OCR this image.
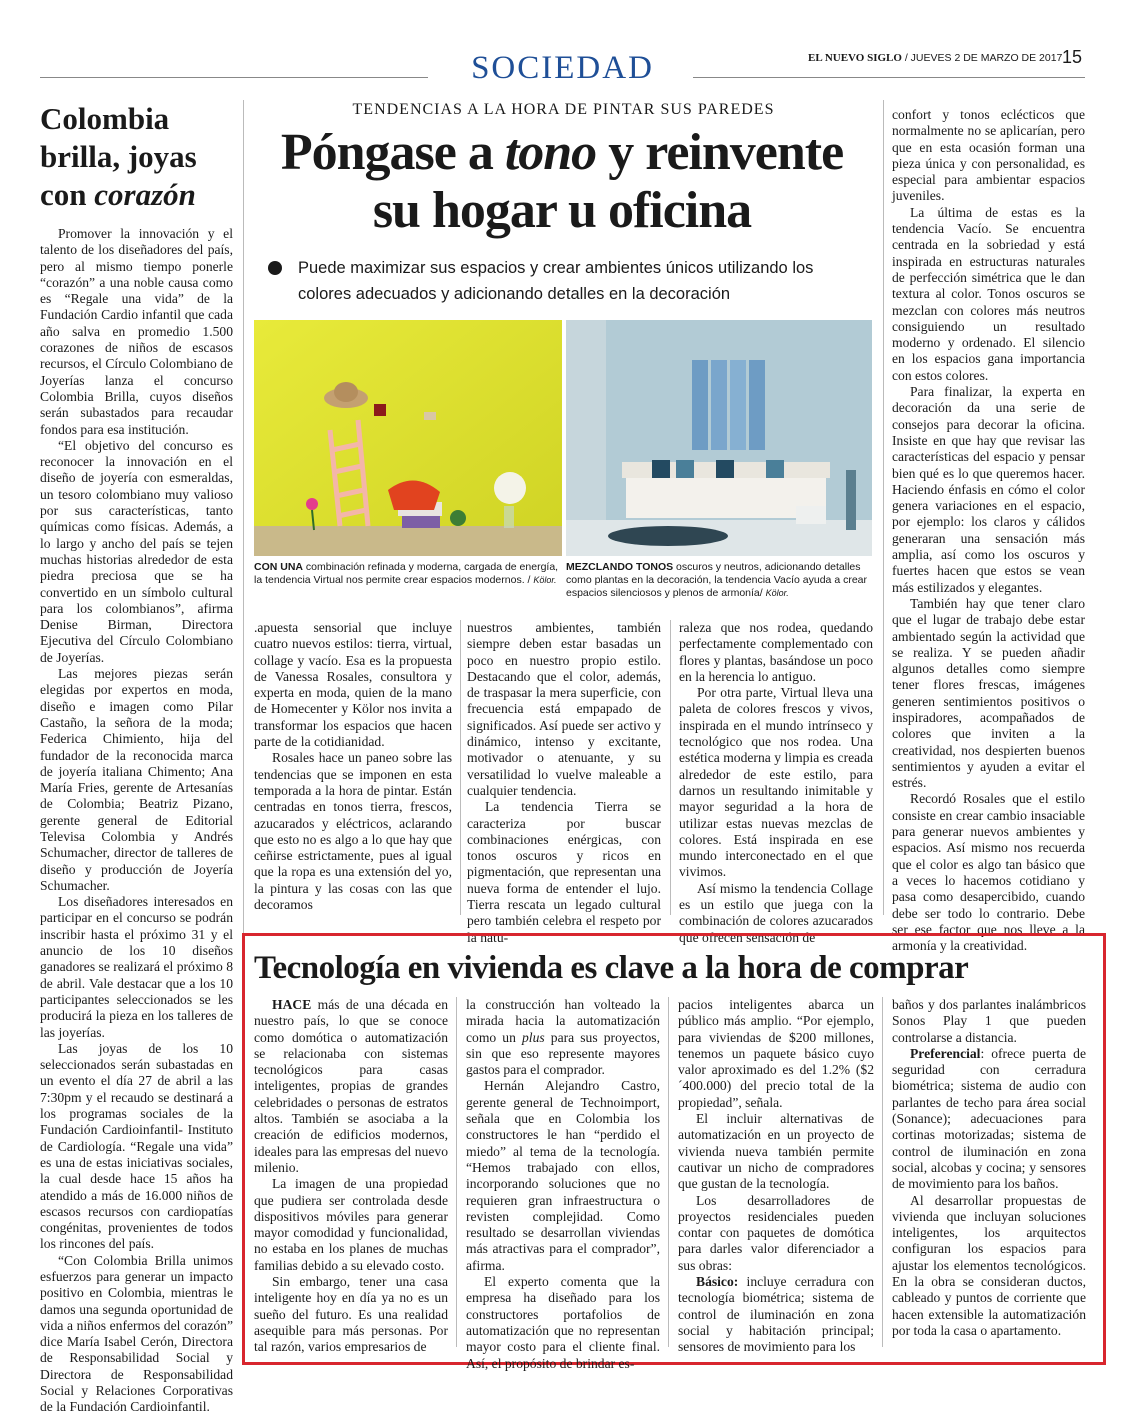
SOCIEDAD	EL NUEVO SIGLO / JUEVES 2 DE MARZO DE 2017 15
Colombia
brilla, joyas
con corazón

Promover la innovación y el talento de los diseñadores del país, pero al mismo tiempo ponerle “corazón” a una noble causa como es “Regale una vida” de la Fundación Cardio infantil que cada año salva en promedio 1.500 corazones de niños de escasos recursos, el Círculo Colombiano de Joyerías lanza el concurso Colombia Brilla, cuyos diseños serán subastados para recaudar fondos para esa institución.

“El objetivo del concurso es reconocer la innovación en el diseño de joyería con esmeraldas, un tesoro colombiano muy valioso por sus características, tanto químicas como físicas. Además, a lo largo y ancho del país se tejen muchas historias alrededor de esta piedra preciosa que se ha convertido en un símbolo cultural para los colombianos”, afirma Denise Birman, Directora Ejecutiva del Círculo Colombiano de Joyerías.

Las mejores piezas serán elegidas por expertos en moda, diseño e imagen como Pilar Castaño, la señora de la moda; Federica Chimiento, hija del fundador de la reconocida marca de joyería italiana Chimento; Ana María Fries, gerente de Artesanías de Colombia; Beatriz Pizano, gerente general de Editorial Televisa Colombia y Andrés Schumacher, director de talleres de diseño y producción de Joyería Schumacher.

Los diseñadores interesados en participar en el concurso se podrán inscribir hasta el próximo 31 y el anuncio de los 10 diseños ganadores se realizará el próximo 8 de abril. Vale destacar que a los 10 participantes seleccionados se les producirá la pieza en los talleres de las joyerías.

Las joyas de los 10 seleccionados serán subastadas en un evento el día 27 de abril a las 7:30pm y el recaudo se destinará a los programas sociales de la Fundación Cardioinfantil- Instituto de Cardiología. “Regale una vida” es una de estas iniciativas sociales, la cual desde hace 15 años ha atendido a más de 16.000 niños de escasos recursos con cardiopatías congénitas, provenientes de todos los rincones del país.

“Con Colombia Brilla unimos esfuerzos para generar un impacto positivo en Colombia, mientras le damos una segunda oportunidad de vida a niños enfermos del corazón” dice María Isabel Cerón, Directora de Responsabilidad Social y Directora de Responsabilidad Social y Relaciones Corporativas de la Fundación Cardioinfantil.

TENDENCIAS A LA HORA DE PINTAR SUS PAREDES
Póngase a tono y reinvente
su hogar u oficina
Puede maximizar sus espacios y crear ambientes únicos utilizando los colores adecuados y adicionando detalles en la decoración
CON UNA combinación refinada y moderna, cargada de energía, la tendencia Virtual nos permite crear espacios modernos. / Kölor.
MEZCLANDO TONOS oscuros y neutros, adicionando detalles como plantas en la decoración, la tendencia Vacío ayuda a crear espacios silenciosos y plenos de armonía/ Kölor.

.apuesta sensorial que incluye cuatro nuevos estilos: tierra, virtual, collage y vacío. Esa es la propuesta de Vanessa Rosales, consultora y experta en moda, quien de la mano de Homecenter y Kölor nos invita a transformar los espacios que hacen parte de la cotidianidad.

Rosales hace un paneo sobre las tendencias que se imponen en esta temporada a la hora de pintar. Están centradas en tonos tierra, frescos, azucarados y eléctricos, aclarando que esto no es algo a lo que hay que ceñirse estrictamente, pues al igual que la ropa es una extensión del yo, la pintura y las cosas con las que decoramos

nuestros ambientes, también siempre deben estar basadas un poco en nuestro propio estilo. Destacando que el color, además, de traspasar la mera superficie, con frecuencia está empapado de significados. Así puede ser activo y dinámico, intenso y excitante, motivador o atenuante, y su versatilidad lo vuelve maleable a cualquier tendencia.

La tendencia Tierra se caracteriza por buscar combinaciones enérgicas, con tonos oscuros y ricos en pigmentación, que representan una nueva forma de entender el lujo. Tierra rescata un legado cultural pero también celebra el respeto por la natu-

raleza que nos rodea, quedando perfectamente complementado con flores y plantas, basándose un poco en la herencia lo antiguo.

Por otra parte, Virtual lleva una paleta de colores frescos y vivos, inspirada en el mundo intrínseco y tecnológico que nos rodea. Una estética moderna y limpia es creada alrededor de este estilo, para darnos un resultando inimitable y mayor seguridad a la hora de utilizar estas nuevas mezclas de colores. Está inspirada en ese mundo interconectado en el que vivimos.

Así mismo la tendencia Collage es un estilo que juega con la combinación de colores azucarados que ofrecen sensación de

confort y tonos eclécticos que normalmente no se aplicarían, pero que en esta ocasión forman una pieza única y con personalidad, es especial para ambientar espacios juveniles.

La última de estas es la tendencia Vacío. Se encuentra centrada en la sobriedad y está inspirada en estructuras naturales de perfección simétrica que le dan textura al color. Tonos oscuros se mezclan con colores más neutros consiguiendo un resultado moderno y ordenado. El silencio en los espacios gana importancia con estos colores.

Para finalizar, la experta en decoración da una serie de consejos para decorar la oficina. Insiste en que hay que revisar las características del espacio y pensar bien qué es lo que queremos hacer. Haciendo énfasis en cómo el color genera variaciones en el espacio, por ejemplo: los claros y cálidos generaran una sensación más amplia, así como los oscuros y fuertes hacen que estos se vean más estilizados y elegantes.

También hay que tener claro que el lugar de trabajo debe estar ambientado según la actividad que se realiza. Y se pueden añadir algunos detalles como siempre tener flores frescas, imágenes generen sentimientos positivos o inspiradores, acompañados de colores que inviten a la creatividad, nos despierten buenos sentimientos y ayuden a evitar el estrés.

Recordó Rosales que el estilo consiste en crear cambio insaciable para generar nuevos ambientes y espacios. Así mismo nos recuerda que el color es algo tan básico que a veces lo hacemos cotidiano y pasa como desapercibido, cuando debe ser todo lo contrario. Debe ser ese factor que nos lleve a la armonía y la creatividad.

Tecnología en vivienda es clave a la hora de comprar

HACE más de una década en nuestro país, lo que se conoce como domótica o automatización se relacionaba con sistemas tecnológicos para casas inteligentes, propias de grandes celebridades o personas de estratos altos. También se asociaba a la creación de edificios modernos, ideales para las empresas del nuevo milenio.

La imagen de una propiedad que pudiera ser controlada desde dispositivos móviles para generar mayor comodidad y funcionalidad, no estaba en los planes de muchas familias debido a su elevado costo.

Sin embargo, tener una casa inteligente hoy en día ya no es un sueño del futuro. Es una realidad asequible para más personas. Por tal razón, varios empresarios de

la construcción han volteado la mirada hacia la automatización como un plus para sus proyectos, sin que eso represente mayores gastos para el comprador.

Hernán Alejandro Castro, gerente general de Technoimport, señala que en Colombia los constructores le han “perdido el miedo” al tema de la tecnología. “Hemos trabajado con ellos, incorporando soluciones que no requieren gran infraestructura o revisten complejidad. Como resultado se desarrollan viviendas más atractivas para el comprador”, afirma.

El experto comenta que la empresa ha diseñado para los constructores portafolios de automatización que no representan mayor costo para el cliente final. Así, el propósito de brindar es-

pacios inteligentes abarca un público más amplio. “Por ejemplo, para viviendas de $200 millones, tenemos un paquete básico cuyo valor aproximado es del 1.2% ($2´400.000) del precio total de la propiedad”, señala.

El incluir alternativas de automatización en un proyecto de vivienda nueva también permite cautivar un nicho de compradores que gustan de la tecnología.

Los desarrolladores de proyectos residenciales pueden contar con paquetes de domótica para darles valor diferenciador a sus obras:

Básico: incluye cerradura con tecnología biométrica; sistema de control de iluminación en zona social y habitación principal; sensores de movimiento para los

baños y dos parlantes inalámbricos Sonos Play 1 que pueden controlarse a distancia.

Preferencial: ofrece puerta de seguridad con cerradura biométrica; sistema de audio con parlantes de techo para área social (Sonance); adecuaciones para cortinas motorizadas; sistema de control de iluminación en zona social, alcobas y cocina; y sensores de movimiento para los baños.

Al desarrollar propuestas de vivienda que incluyan soluciones inteligentes, los arquitectos configuran los espacios para ajustar los elementos tecnológicos. En la obra se consideran ductos, cableado y puntos de corriente que hacen extensible la automatización por toda la casa o apartamento.
